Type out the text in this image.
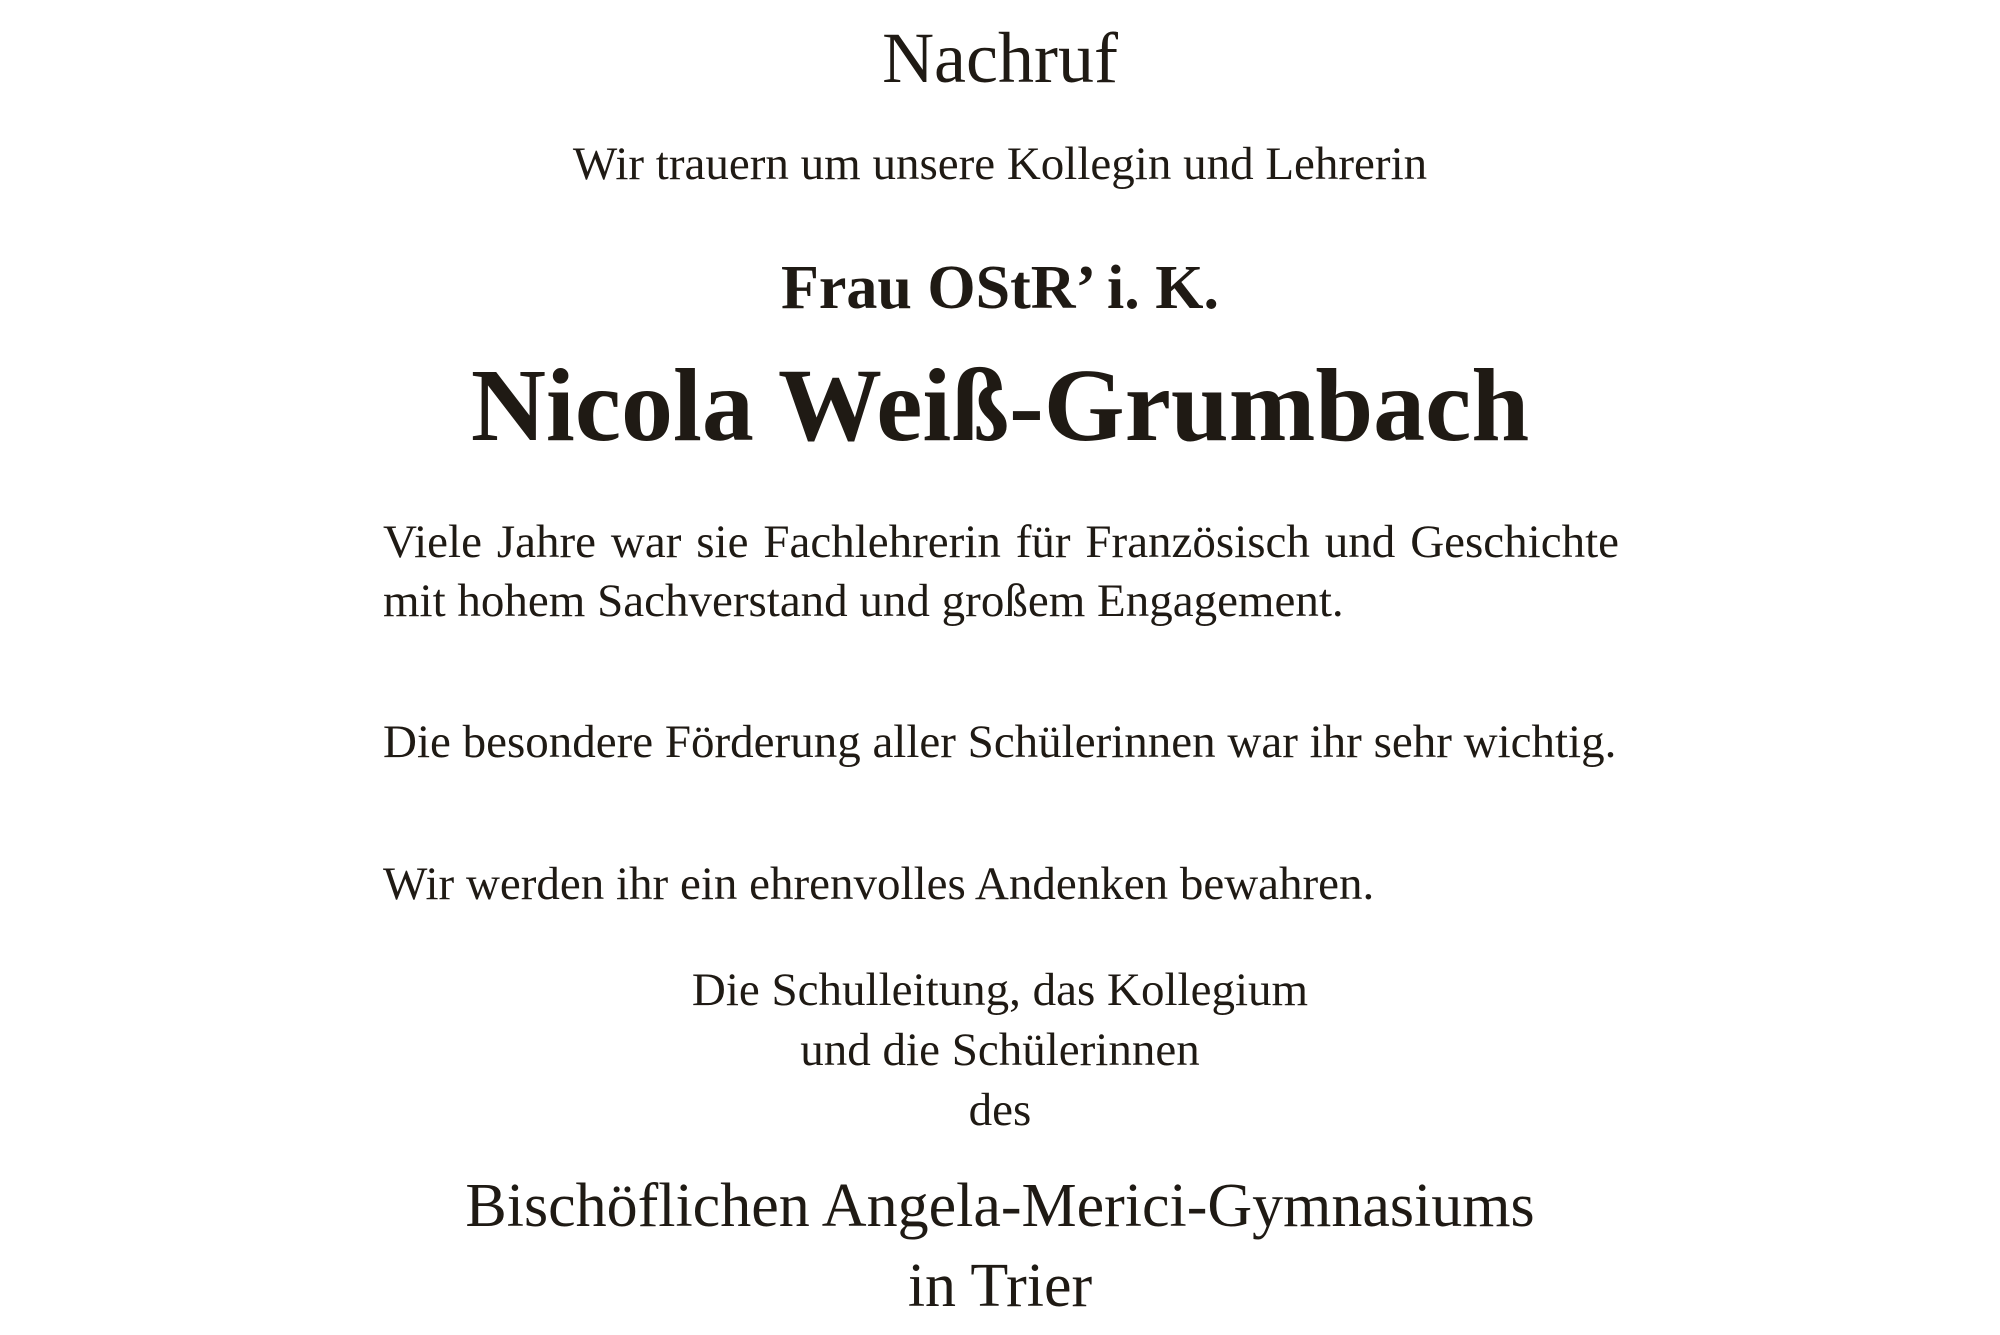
Nachruf

Wir trauern um unsere Kollegin und Lehrerin

Frau OStR’ i. K.

Nicola Weiß-Grumbach

Viele Jahre war sie Fachlehrerin für Französisch und Geschichte mit hohem Sachverstand und großem Engagement.

Die besondere Förderung aller Schülerinnen war ihr sehr wichtig.

Wir werden ihr ein ehrenvolles Andenken bewahren.

Die Schulleitung, das Kollegium

und die Schülerinnen

des

Bischöflichen Angela-Merici-Gymnasiums

in Trier
